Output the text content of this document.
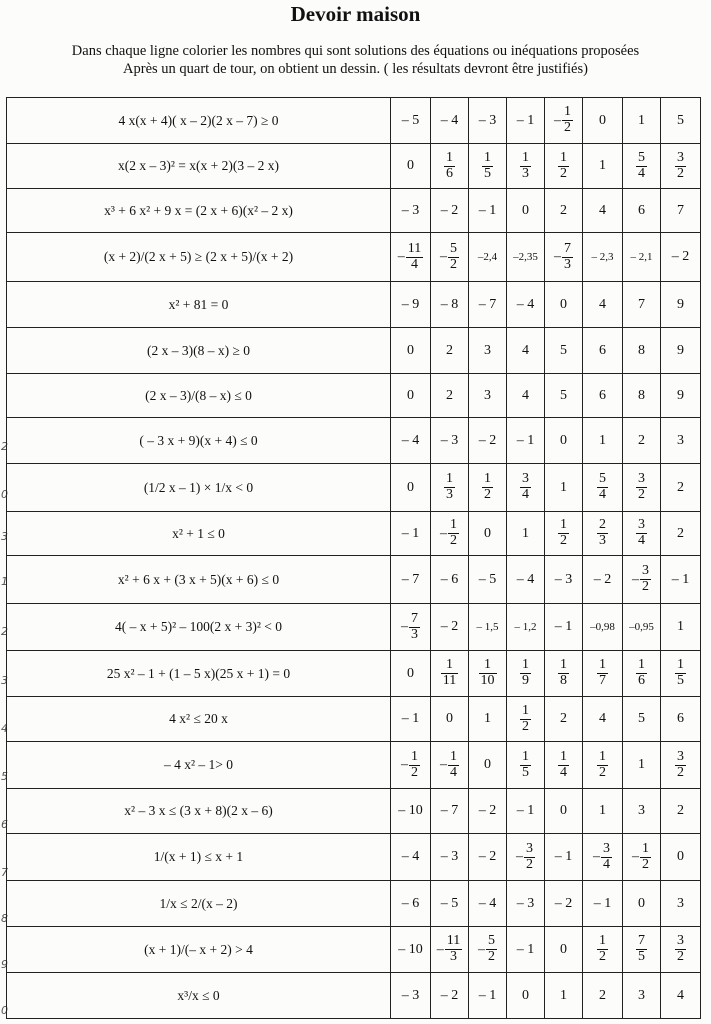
Devoir maison
Dans chaque ligne colorier les nombres qui sont solutions des équations ou inéquations proposées
Après un quart de tour, on obtient un dessin. ( les résultats devront être justifiés)
2
0
3
1
2
3
4
5
6
7
8
9
0
4 x(x + 4)( x – 2)(2 x – 7) ≥ 0	– 5	– 4	– 3	– 1	– $\frac{1}{2}$	0	1	5
x(2 x – 3)² = x(x + 2)(3 – 2 x)	0	$\frac{1}{6}$	$\frac{1}{5}$	$\frac{1}{3}$	$\frac{1}{2}$	1	$\frac{5}{4}$	$\frac{3}{2}$

x³ + 6 x² + 9 x = (2 x + 6)(x² – 2 x)	– 3	– 2	– 1	0	2	4	6	7
(x + 2)/(2 x + 5) ≥ (2 x + 5)/(x + 2)	– $\frac{11}{4}$	– $\frac{5}{2}$	–2,4	–2,35	– $\frac{7}{3}$	– 2,3	– 2,1	– 2
x² + 81 = 0	– 9	– 8	– 7	– 4	0	4	7	9
(2 x – 3)(8 – x) ≥ 0	0	2	3	4	5	6	8	9
(2 x – 3)/(8 – x) ≤ 0	0	2	3	4	5	6	8	9
( – 3 x + 9)(x + 4) ≤ 0	– 4	– 3	– 2	– 1	0	1	2	3
(1/2 x – 1) × 1/x < 0	0	$\frac{1}{3}$	$\frac{1}{2}$	$\frac{3}{4}$	1	$\frac{5}{4}$	$\frac{3}{2}$	2
x² + 1 ≤ 0	– 1	– $\frac{1}{2}$	0	1	$\frac{1}{2}$	$\frac{2}{3}$	$\frac{3}{4}$	2
x² + 6 x + (3 x + 5)(x + 6) ≤ 0	– 7	– 6	– 5	– 4	– 3	– 2	– $\frac{3}{2}$	– 1
4( – x + 5)² – 100(2 x + 3)² < 0	– $\frac{7}{3}$	– 2	– 1,5	– 1,2	– 1	–0,98	–0,95	1
25 x² – 1 + (1 – 5 x)(25 x + 1) = 0	0	$\frac{1}{11}$	$\frac{1}{10}$	$\frac{1}{9}$	$\frac{1}{8}$	$\frac{1}{7}$	$\frac{1}{6}$	$\frac{1}{5}$

4 x² ≤ 20 x	– 1	0	1	$\frac{1}{2}$	2	4	5	6
– 4 x² – 1> 0	– $\frac{1}{2}$	– $\frac{1}{4}$	0	$\frac{1}{5}$	$\frac{1}{4}$	$\frac{1}{2}$	1	$\frac{3}{2}$

x² – 3 x ≤ (3 x + 8)(2 x – 6)	– 10	– 7	– 2	– 1	0	1	3	2
1/(x + 1) ≤ x + 1	– 4	– 3	– 2	– $\frac{3}{2}$	– 1	– $\frac{3}{4}$	– $\frac{1}{2}$	0
1/x ≤ 2/(x – 2)	– 6	– 5	– 4	– 3	– 2	– 1	0	3
(x + 1)/(– x + 2) > 4	– 10	– $\frac{11}{3}$	– $\frac{5}{2}$	– 1	0	$\frac{1}{2}$	$\frac{7}{5}$	$\frac{3}{2}$

x³/x ≤ 0	– 3	– 2	– 1	0	1	2	3	4
